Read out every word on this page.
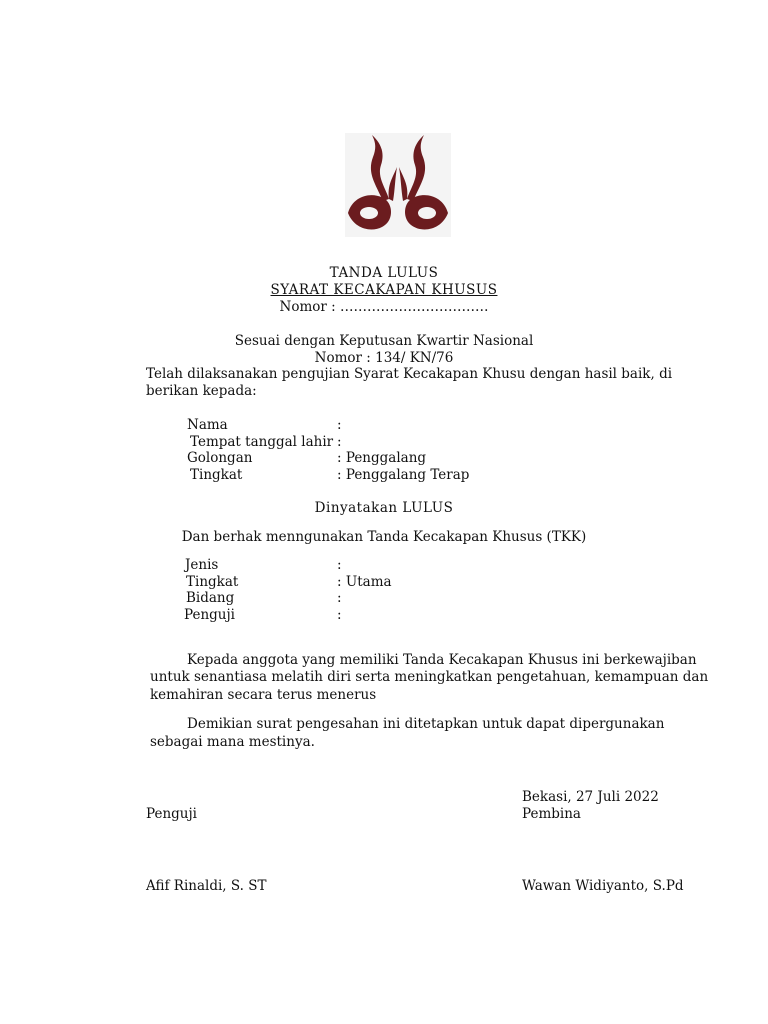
TANDA LULUS
SYARAT KECAKAPAN KHUSUS
Nomor : ……………………………
Sesuai dengan Keputusan Kwartir Nasional
Nomor : 134/ KN/76
Telah dilaksanakan pengujian Syarat Kecakapan Khusu dengan hasil baik, di
berikan kepada:
Nama	:
Tempat tanggal lahir :
Golongan	: Penggalang
Tingkat	: Penggalang Terap
Dinyatakan LULUS
Dan berhak menngunakan Tanda Kecakapan Khusus (TKK)
Jenis	:
Tingkat	: Utama
Bidang	:
Penguji	:
Kepada anggota yang memiliki Tanda Kecakapan Khusus ini berkewajiban
untuk senantiasa melatih diri serta meningkatkan pengetahuan, kemampuan dan
kemahiran secara terus menerus
Demikian surat pengesahan ini ditetapkan untuk dapat dipergunakan
sebagai mana mestinya.
Bekasi, 27 Juli 2022
Penguji	Pembina
Afif Rinaldi, S. ST	Wawan Widiyanto, S.Pd
